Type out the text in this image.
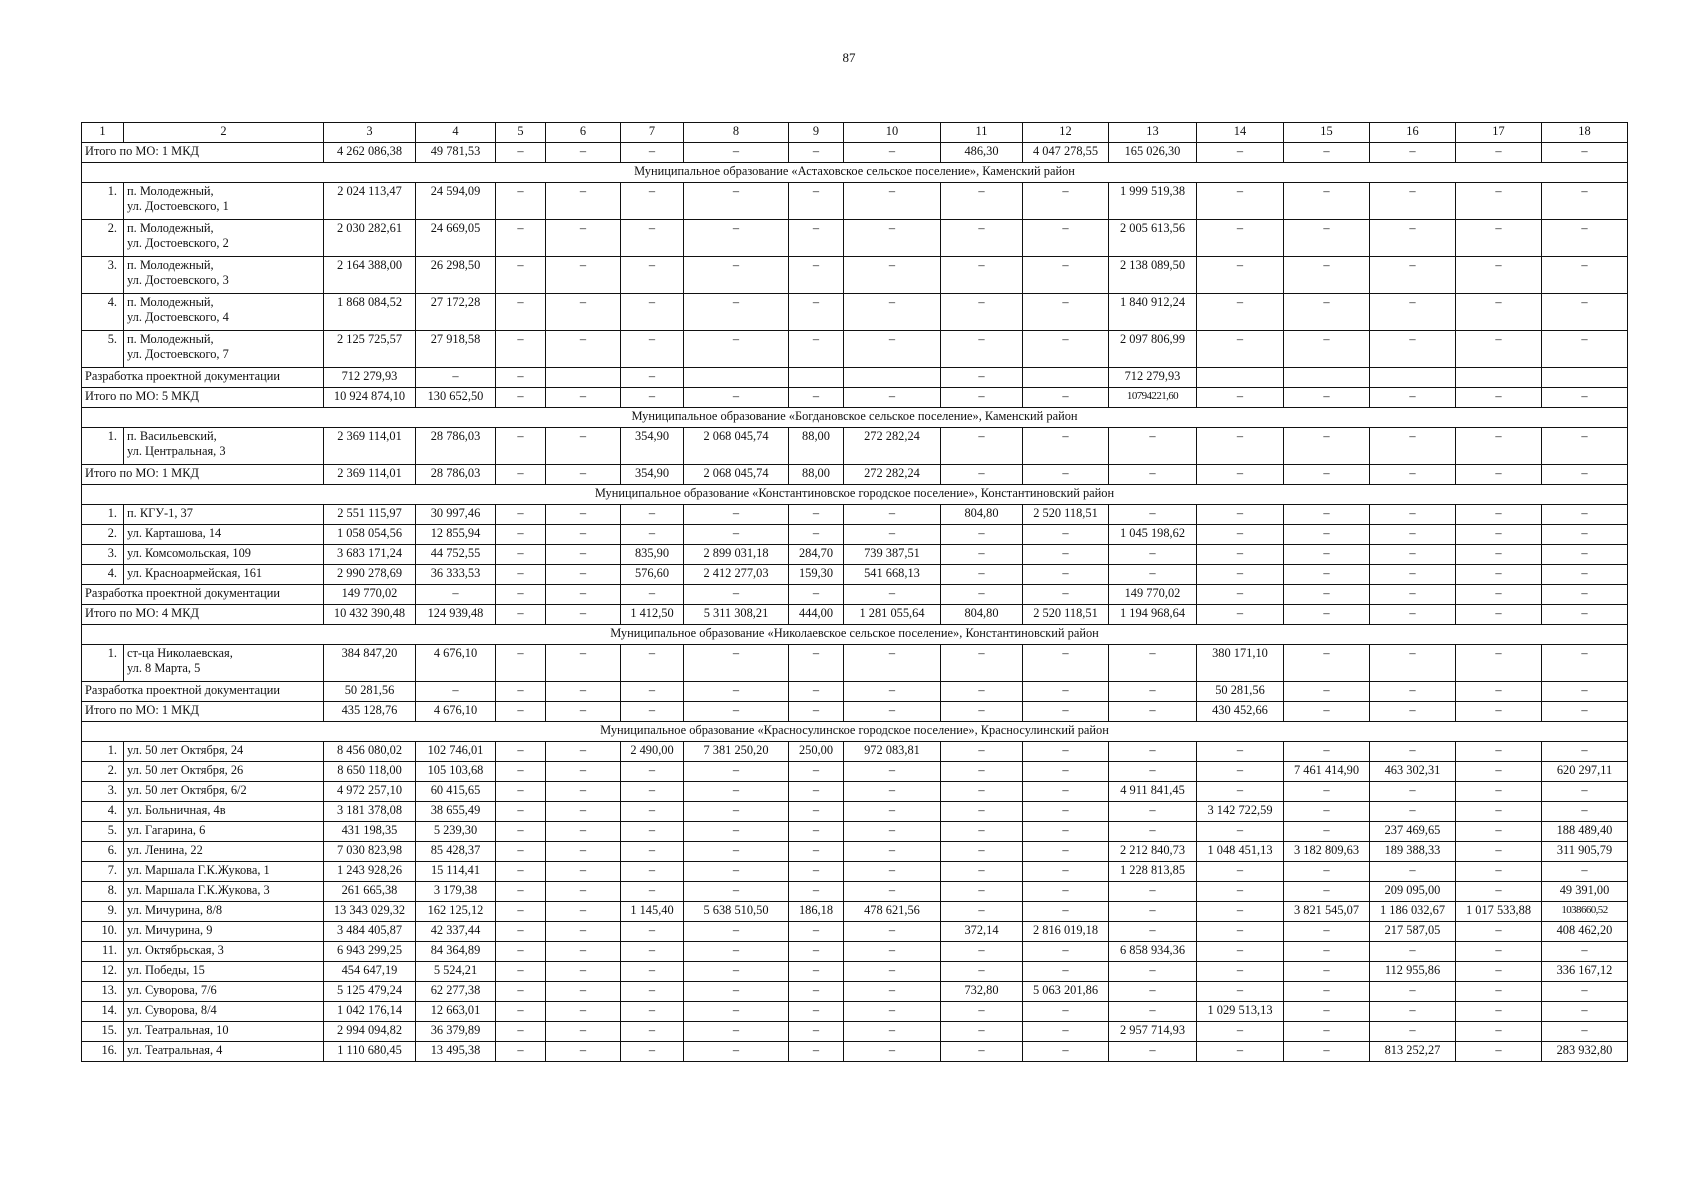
87
1	2	3	4	5	6	7	8	9	10	11	12	13	14	15	16	17	18
Итого по МО: 1 МКД		4 262 086,38	49 781,53	–	–	–	–	–	–	486,30	4 047 278,55	165 026,30	–	–	–	–	–
Муниципальное образование «Астаховское сельское поселение», Каменский район																	
1.	п. Молодежный,
ул. Достоевского, 1	2 024 113,47	24 594,09	–	–	–	–	–	–	–	–	1 999 519,38	–	–	–	–	–
2.	п. Молодежный,
ул. Достоевского, 2	2 030 282,61	24 669,05	–	–	–	–	–	–	–	–	2 005 613,56	–	–	–	–	–
3.	п. Молодежный,
ул. Достоевского, 3	2 164 388,00	26 298,50	–	–	–	–	–	–	–	–	2 138 089,50	–	–	–	–	–
4.	п. Молодежный,
ул. Достоевского, 4	1 868 084,52	27 172,28	–	–	–	–	–	–	–	–	1 840 912,24	–	–	–	–	–
5.	п. Молодежный,
ул. Достоевского, 7	2 125 725,57	27 918,58	–	–	–	–	–	–	–	–	2 097 806,99	–	–	–	–	–
Разработка проектной документации		712 279,93	–	–		–				–		712 279,93					
Итого по МО: 5 МКД		10 924 874,10	130 652,50	–	–	–	–	–	–	–	–	10794221,60	–	–	–	–	–
Муниципальное образование «Богдановское сельское поселение», Каменский район																	
1.	п. Васильевский,
ул. Центральная, 3	2 369 114,01	28 786,03	–	–	354,90	2 068 045,74	88,00	272 282,24	–	–	–	–	–	–	–	–
Итого по МО: 1 МКД		2 369 114,01	28 786,03	–	–	354,90	2 068 045,74	88,00	272 282,24	–	–	–	–	–	–	–	–
Муниципальное образование «Константиновское городское поселение», Константиновский район																	
1.	п. КГУ-1, 37	2 551 115,97	30 997,46	–	–	–	–	–	–	804,80	2 520 118,51	–	–	–	–	–	–
2.	ул. Карташова, 14	1 058 054,56	12 855,94	–	–	–	–	–	–	–	–	1 045 198,62	–	–	–	–	–
3.	ул. Комсомольская, 109	3 683 171,24	44 752,55	–	–	835,90	2 899 031,18	284,70	739 387,51	–	–	–	–	–	–	–	–
4.	ул. Красноармейская, 161	2 990 278,69	36 333,53	–	–	576,60	2 412 277,03	159,30	541 668,13	–	–	–	–	–	–	–	–
Разработка проектной документации		149 770,02	–	–	–	–	–	–	–	–	–	149 770,02	–	–	–	–	–
Итого по МО: 4 МКД		10 432 390,48	124 939,48	–	–	1 412,50	5 311 308,21	444,00	1 281 055,64	804,80	2 520 118,51	1 194 968,64	–	–	–	–	–
Муниципальное образование «Николаевское сельское поселение», Константиновский район																	
1.	ст-ца Николаевская,
ул. 8 Марта, 5	384 847,20	4 676,10	–	–	–	–	–	–	–	–	–	380 171,10	–	–	–	–
Разработка проектной документации		50 281,56	–	–	–	–	–	–	–	–	–	–	50 281,56	–	–	–	–
Итого по МО: 1 МКД		435 128,76	4 676,10	–	–	–	–	–	–	–	–	–	430 452,66	–	–	–	–
Муниципальное образование «Красносулинское городское поселение», Красносулинский район																	
1.	ул. 50 лет Октября, 24	8 456 080,02	102 746,01	–	–	2 490,00	7 381 250,20	250,00	972 083,81	–	–	–	–	–	–	–	–
2.	ул. 50 лет Октября, 26	8 650 118,00	105 103,68	–	–	–	–	–	–	–	–	–	–	7 461 414,90	463 302,31	–	620 297,11
3.	ул. 50 лет Октября, 6/2	4 972 257,10	60 415,65	–	–	–	–	–	–	–	–	4 911 841,45	–	–	–	–	–
4.	ул. Больничная, 4в	3 181 378,08	38 655,49	–	–	–	–	–	–	–	–	–	3 142 722,59	–	–	–	–
5.	ул. Гагарина, 6	431 198,35	5 239,30	–	–	–	–	–	–	–	–	–	–	–	237 469,65	–	188 489,40
6.	ул. Ленина, 22	7 030 823,98	85 428,37	–	–	–	–	–	–	–	–	2 212 840,73	1 048 451,13	3 182 809,63	189 388,33	–	311 905,79
7.	ул. Маршала Г.К.Жукова, 1	1 243 928,26	15 114,41	–	–	–	–	–	–	–	–	1 228 813,85	–	–	–	–	–
8.	ул. Маршала Г.К.Жукова, 3	261 665,38	3 179,38	–	–	–	–	–	–	–	–	–	–	–	209 095,00	–	49 391,00
9.	ул. Мичурина, 8/8	13 343 029,32	162 125,12	–	–	1 145,40	5 638 510,50	186,18	478 621,56	–	–	–	–	3 821 545,07	1 186 032,67	1 017 533,88	1038660,52
10.	ул. Мичурина, 9	3 484 405,87	42 337,44	–	–	–	–	–	–	372,14	2 816 019,18	–	–	–	217 587,05	–	408 462,20
11.	ул. Октябрьская, 3	6 943 299,25	84 364,89	–	–	–	–	–	–	–	–	6 858 934,36	–	–	–	–	–
12.	ул. Победы, 15	454 647,19	5 524,21	–	–	–	–	–	–	–	–	–	–	–	112 955,86	–	336 167,12
13.	ул. Суворова, 7/6	5 125 479,24	62 277,38	–	–	–	–	–	–	732,80	5 063 201,86	–	–	–	–	–	–
14.	ул. Суворова, 8/4	1 042 176,14	12 663,01	–	–	–	–	–	–	–	–	–	1 029 513,13	–	–	–	–
15.	ул. Театральная, 10	2 994 094,82	36 379,89	–	–	–	–	–	–	–	–	2 957 714,93	–	–	–	–	–
16.	ул. Театральная, 4	1 110 680,45	13 495,38	–	–	–	–	–	–	–	–	–	–	–	813 252,27	–	283 932,80
